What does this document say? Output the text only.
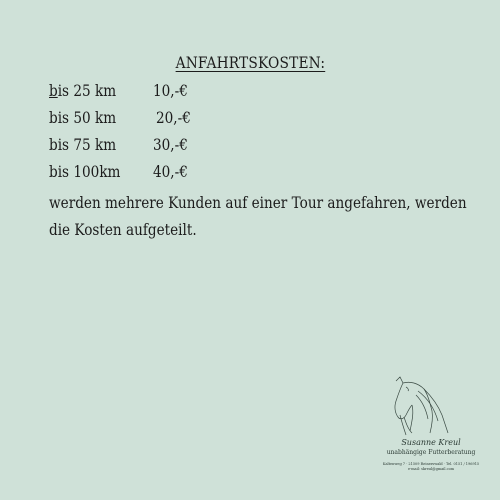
ANFAHRTSKOSTEN:
bis 25 km 10,-€
bis 50 km 20,-€
bis 75 km 30,-€
bis 100km 40,-€
werden mehrere Kunden auf einer Tour angefahren, werden
die Kosten aufgeteilt.
Susanne Kreul
unabhängige Futterberatung
Kaltenweg 7 · 21509 Reinerswald · Tel. 0151 / 196915
e-mail: skreul@gmail.com
